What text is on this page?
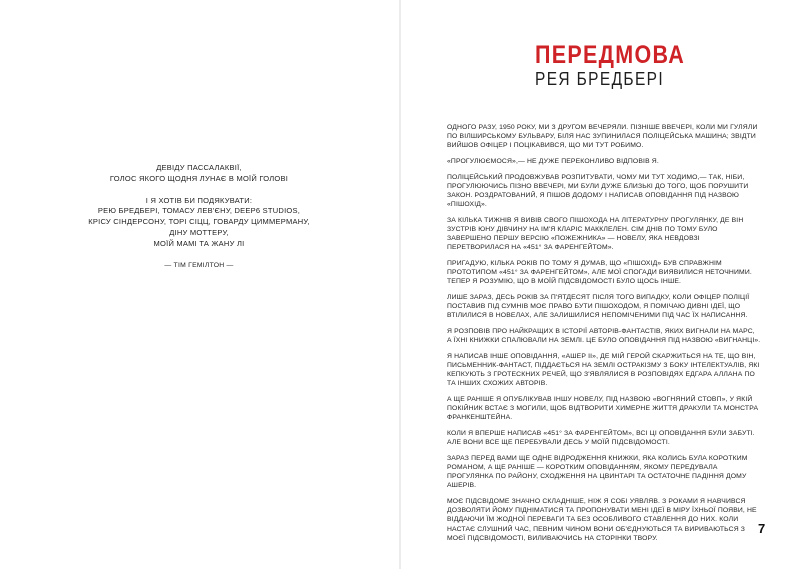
ДЕВІДУ ПАССАЛАКВІЇ,

ГОЛОС ЯКОГО ЩОДНЯ ЛУНАЄ В МОЇЙ ГОЛОВІ

І Я ХОТІВ БИ ПОДЯКУВАТИ:

РЕЮ БРЕДБЕРІ, ТОМАСУ ЛЕВ'ЄНУ, DEEP6 STUDIOS,

КРІСУ СІНДЕРСОНУ, ТОРІ СІЦЦ, ГОВАРДУ ЦИММЕРМАНУ,

ДІНУ МОТТЕРУ,

МОЇЙ МАМІ ТА ЖАНУ ЛІ

— ТІМ ГЕМІЛТОН —

ПЕРЕДМОВА
РЕЯ БРЕДБЕРІ

ОДНОГО РАЗУ, 1950 РОКУ, МИ З ДРУГОМ ВЕЧЕРЯЛИ. ПІЗНІШЕ ВВЕЧЕРІ, КОЛИ МИ ГУЛЯЛИ ПО ВІЛШИРСЬКОМУ БУЛЬВАРУ, БІЛЯ НАС ЗУПИНИЛАСЯ ПОЛІЦЕЙСЬКА МАШИНА; ЗВІДТИ ВИЙШОВ ОФІЦЕР І ПОЦІКАВИВСЯ, ЩО МИ ТУТ РОБИМО.

«ПРОГУЛЮЄМОСЯ»,— НЕ ДУЖЕ ПЕРЕКОНЛИВО ВІДПОВІВ Я.

ПОЛІЦЕЙСЬКИЙ ПРОДОВЖУВАВ РОЗПИТУВАТИ, ЧОМУ МИ ТУТ ХОДИМО,— ТАК, НІБИ, ПРОГУЛЮЮЧИСЬ ПІЗНО ВВЕЧЕРІ, МИ БУЛИ ДУЖЕ БЛИЗЬКІ ДО ТОГО, ЩОБ ПОРУШИТИ ЗАКОН. РОЗДРАТОВАНИЙ, Я ПІШОВ ДОДОМУ І НАПИСАВ ОПОВІДАННЯ ПІД НАЗВОЮ «ПІШОХІД».

ЗА КІЛЬКА ТИЖНІВ Я ВИВІВ СВОГО ПІШОХОДА НА ЛІТЕРАТУРНУ ПРОГУЛЯНКУ, ДЕ ВІН ЗУСТРІВ ЮНУ ДІВЧИНУ НА ІМ'Я КЛАРІС МАККЛЕЛЕН. СІМ ДНІВ ПО ТОМУ БУЛО ЗАВЕРШЕНО ПЕРШУ ВЕРСІЮ «ПОЖЕЖНИКА» — НОВЕЛУ, ЯКА НЕВДОВЗІ ПЕРЕТВОРИЛАСЯ НА «451° ЗА ФАРЕНГЕЙТОМ».

ПРИГАДУЮ, КІЛЬКА РОКІВ ПО ТОМУ Я ДУМАВ, ЩО «ПІШОХІД» БУВ СПРАВЖНІМ ПРОТОТИПОМ «451° ЗА ФАРЕНГЕЙТОМ», АЛЕ МОЇ СПОГАДИ ВИЯВИЛИСЯ НЕТОЧНИМИ. ТЕПЕР Я РОЗУМІЮ, ЩО В МОЇЙ ПІДСВІДОМОСТІ БУЛО ЩОСЬ ІНШЕ.

ЛИШЕ ЗАРАЗ, ДЕСЬ РОКІВ ЗА П'ЯТДЕСЯТ ПІСЛЯ ТОГО ВИПАДКУ, КОЛИ ОФІЦЕР ПОЛІЦІЇ ПОСТАВИВ ПІД СУМНІВ МОЄ ПРАВО БУТИ ПІШОХОДОМ, Я ПОМІЧАЮ ДИВНІ ІДЕЇ, ЩО ВТІЛИЛИСЯ В НОВЕЛАХ, АЛЕ ЗАЛИШИЛИСЯ НЕПОМІЧЕНИМИ ПІД ЧАС ЇХ НАПИСАННЯ.

Я РОЗПОВІВ ПРО НАЙКРАЩИХ В ІСТОРІЇ АВТОРІВ-ФАНТАСТІВ, ЯКИХ ВИГНАЛИ НА МАРС, А ЇХНІ КНИЖКИ СПАЛЮВАЛИ НА ЗЕМЛІ. ЦЕ БУЛО ОПОВІДАННЯ ПІД НАЗВОЮ «ВИГНАНЦІ».

Я НАПИСАВ ІНШЕ ОПОВІДАННЯ, «АШЕР II», ДЕ МІЙ ГЕРОЙ СКАРЖИТЬСЯ НА ТЕ, ЩО ВІН, ПИСЬМЕННИК-ФАНТАСТ, ПІДДАЄТЬСЯ НА ЗЕМЛІ ОСТРАКІЗМУ З БОКУ ІНТЕЛЕКТУАЛІВ, ЯКІ КЕПКУЮТЬ З ГРОТЕСКНИХ РЕЧЕЙ, ЩО З'ЯВЛЯЛИСЯ В РОЗПОВІДЯХ ЕДГАРА АЛЛАНА ПО ТА ІНШИХ СХОЖИХ АВТОРІВ.

А ЩЕ РАНІШЕ Я ОПУБЛІКУВАВ ІНШУ НОВЕЛУ, ПІД НАЗВОЮ «ВОГНЯНИЙ СТОВП», У ЯКІЙ ПОКІЙНИК ВСТАЄ З МОГИЛИ, ЩОБ ВІДТВОРИТИ ХИМЕРНЕ ЖИТТЯ ДРАКУЛИ ТА МОНСТРА ФРАНКЕНШТЕЙНА.

КОЛИ Я ВПЕРШЕ НАПИСАВ «451° ЗА ФАРЕНГЕЙТОМ», ВСІ ЦІ ОПОВІДАННЯ БУЛИ ЗАБУТІ. АЛЕ ВОНИ ВСЕ ЩЕ ПЕРЕБУВАЛИ ДЕСЬ У МОЇЙ ПІДСВІДОМОСТІ.

ЗАРАЗ ПЕРЕД ВАМИ ЩЕ ОДНЕ ВІДРОДЖЕННЯ КНИЖКИ, ЯКА КОЛИСЬ БУЛА КОРОТКИМ РОМАНОМ, А ЩЕ РАНІШЕ — КОРОТКИМ ОПОВІДАННЯМ, ЯКОМУ ПЕРЕДУВАЛА ПРОГУЛЯНКА ПО РАЙОНУ, СХОДЖЕННЯ НА ЦВИНТАРІ ТА ОСТАТОЧНЕ ПАДІННЯ ДОМУ АШЕРІВ.

МОЄ ПІДСВІДОМЕ ЗНАЧНО СКЛАДНІШЕ, НІЖ Я СОБІ УЯВЛЯВ. З РОКАМИ Я НАВЧИВСЯ ДОЗВОЛЯТИ ЙОМУ ПІДНІМАТИСЯ ТА ПРОПОНУВАТИ МЕНІ ІДЕЇ В МІРУ ЇХНЬОЇ ПОЯВИ, НЕ ВІДДАЮЧИ ЇМ ЖОДНОЇ ПЕРЕВАГИ ТА БЕЗ ОСОБЛИВОГО СТАВЛЕННЯ ДО НИХ. КОЛИ НАСТАЄ СЛУШНИЙ ЧАС, ПЕВНИМ ЧИНОМ ВОНИ ОБ'ЄДНУЮТЬСЯ ТА ВИРИВАЮТЬСЯ З МОЄЇ ПІДСВІДОМОСТІ, ВИЛИВАЮЧИСЬ НА СТОРІНКИ ТВОРУ.

7
